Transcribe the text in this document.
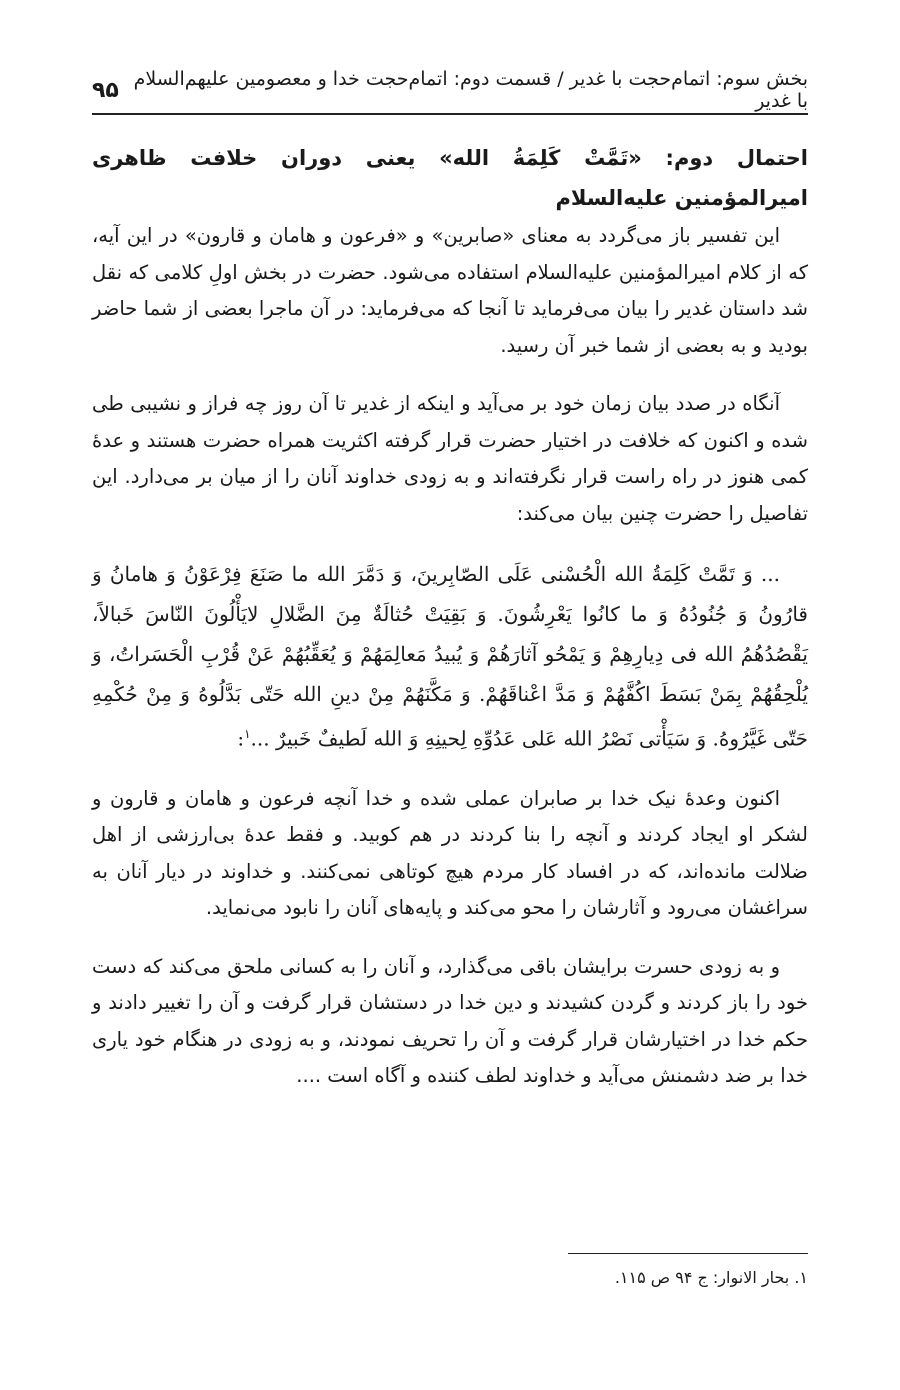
بخش سوم: اتمام‌حجت با غدیر / قسمت دوم: اتمام‌حجت خدا و معصومین علیهم‌السلام با غدیر
۹۵

احتمال دوم: «تَمَّتْ کَلِمَةُ الله» یعنی دوران خلافت ظاهری امیرالمؤمنین علیه‌السلام

این تفسیر باز می‌گردد به معنای «صابرین» و «فرعون و هامان و قارون» در این آیه، که از کلام امیرالمؤمنین علیه‌السلام استفاده می‌شود. حضرت در بخش اولِ کلامی که نقل شد داستان غدیر را بیان می‌فرماید تا آنجا که می‌فرماید: در آن ماجرا بعضی از شما حاضر بودید و به بعضی از شما خبر آن رسید.

آنگاه در صدد بیان زمان خود بر می‌آید و اینکه از غدیر تا آن روز چه فراز و نشیبی طی شده و اکنون که خلافت در اختیار حضرت قرار گرفته اکثریت همراه حضرت هستند و عدهٔ کمی هنوز در راه راست قرار نگرفته‌اند و به زودی خداوند آنان را از میان بر می‌دارد. این تفاصیل را حضرت چنین بیان می‌کند:

... وَ تَمَّتْ کَلِمَةُ الله الْحُسْنی عَلَی الصّابِرینَ، وَ دَمَّرَ الله ما صَنَعَ فِرْعَوْنُ وَ هامانُ وَ قارُونُ وَ جُنُودُهُ وَ ما کانُوا یَعْرِشُونَ. وَ بَقِیَتْ حُثالَةٌ مِنَ الضَّلالِ لایَأْلُونَ النّاسَ خَبالاً، یَقْصُدُهُمُ الله فی دِیارِهِمْ وَ یَمْحُو آثارَهُمْ وَ یُبیدُ مَعالِمَهُمْ وَ یُعَقِّبُهُمْ عَنْ قُرْبِ الْحَسَراتُ، وَ یُلْحِقُهُمْ بِمَنْ بَسَطَ اکُفَّهُمْ وَ مَدَّ اعْناقَهُمْ. وَ مَکَّنَهُمْ مِنْ دینِ الله حَتّی بَدَّلُوهُ وَ مِنْ حُکْمِهِ حَتّی غَیَّرُوهُ. وَ سَیَأْتی نَصْرُ الله عَلی عَدُوِّهِ لِحینِهِ وَ الله لَطیفٌ خَبیرٌ ...$^۱$:

اکنون وعدهٔ نیک خدا بر صابران عملی شده و خدا آنچه فرعون و هامان و قارون و لشکر او ایجاد کردند و آنچه را بنا کردند در هم کوبید. و فقط عدهٔ بی‌ارزشی از اهل ضلالت مانده‌اند، که در افساد کار مردم هیچ کوتاهی نمی‌کنند. و خداوند در دیار آنان به سراغشان می‌رود و آثارشان را محو می‌کند و پایه‌های آنان را نابود می‌نماید.

و به زودی حسرت برایشان باقی می‌گذارد، و آنان را به کسانی ملحق می‌کند که دست خود را باز کردند و گردن کشیدند و دین خدا در دستشان قرار گرفت و آن را تغییر دادند و حکم خدا در اختیارشان قرار گرفت و آن را تحریف نمودند، و به زودی در هنگام خود یاری خدا بر ضد دشمنش می‌آید و خداوند لطف کننده و آگاه است ....

۱. بحار الانوار: ج ۹۴ ص ۱۱۵.
